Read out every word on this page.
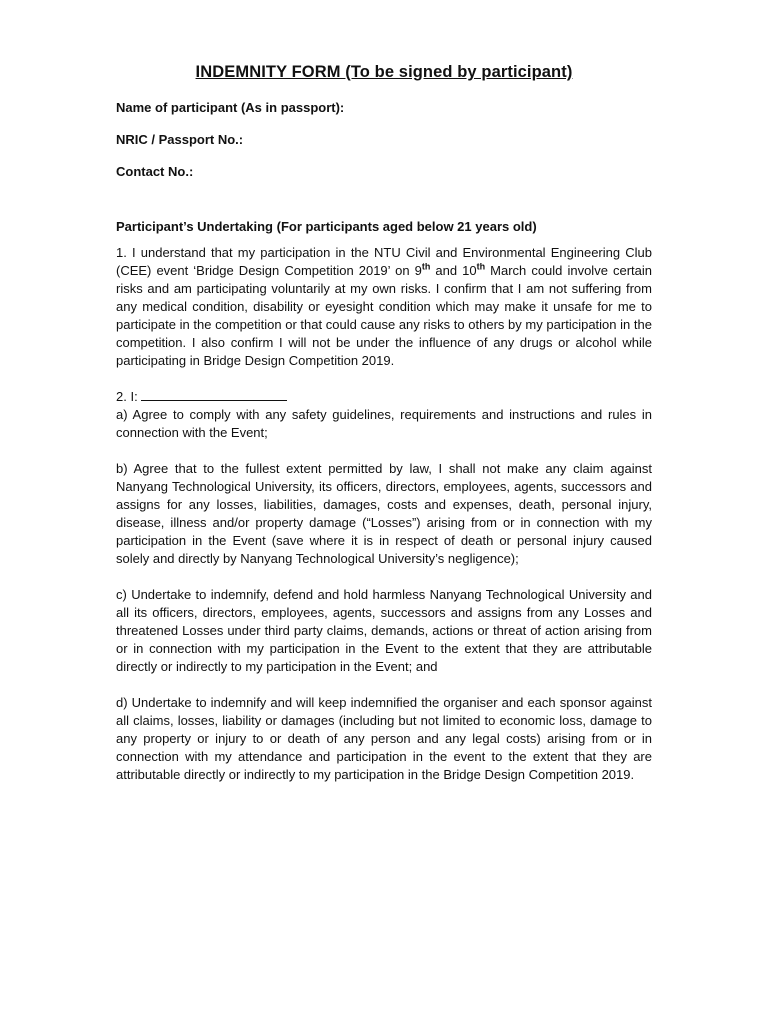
INDEMNITY FORM (To be signed by participant)
Name of participant (As in passport):
NRIC / Passport No.:
Contact No.:
Participant’s Undertaking (For participants aged below 21 years old)
1. I understand that my participation in the NTU Civil and Environmental Engineering Club (CEE) event ‘Bridge Design Competition 2019’ on 9th and 10th March could involve certain risks and am participating voluntarily at my own risks. I confirm that I am not suffering from any medical condition, disability or eyesight condition which may make it unsafe for me to participate in the competition or that could cause any risks to others by my participation in the competition. I also confirm I will not be under the influence of any drugs or alcohol while participating in Bridge Design Competition 2019.
2. I:
a) Agree to comply with any safety guidelines, requirements and instructions and rules in connection with the Event;
b) Agree that to the fullest extent permitted by law, I shall not make any claim against Nanyang Technological University, its officers, directors, employees, agents, successors and assigns for any losses, liabilities, damages, costs and expenses, death, personal injury, disease, illness and/or property damage (“Losses”) arising from or in connection with my participation in the Event (save where it is in respect of death or personal injury caused solely and directly by Nanyang Technological University’s negligence);
c) Undertake to indemnify, defend and hold harmless Nanyang Technological University and all its officers, directors, employees, agents, successors and assigns from any Losses and threatened Losses under third party claims, demands, actions or threat of action arising from or in connection with my participation in the Event to the extent that they are attributable directly or indirectly to my participation in the Event; and
d) Undertake to indemnify and will keep indemnified the organiser and each sponsor against all claims, losses, liability or damages (including but not limited to economic loss, damage to any property or injury to or death of any person and any legal costs) arising from or in connection with my attendance and participation in the event to the extent that they are attributable directly or indirectly to my participation in the Bridge Design Competition 2019.
